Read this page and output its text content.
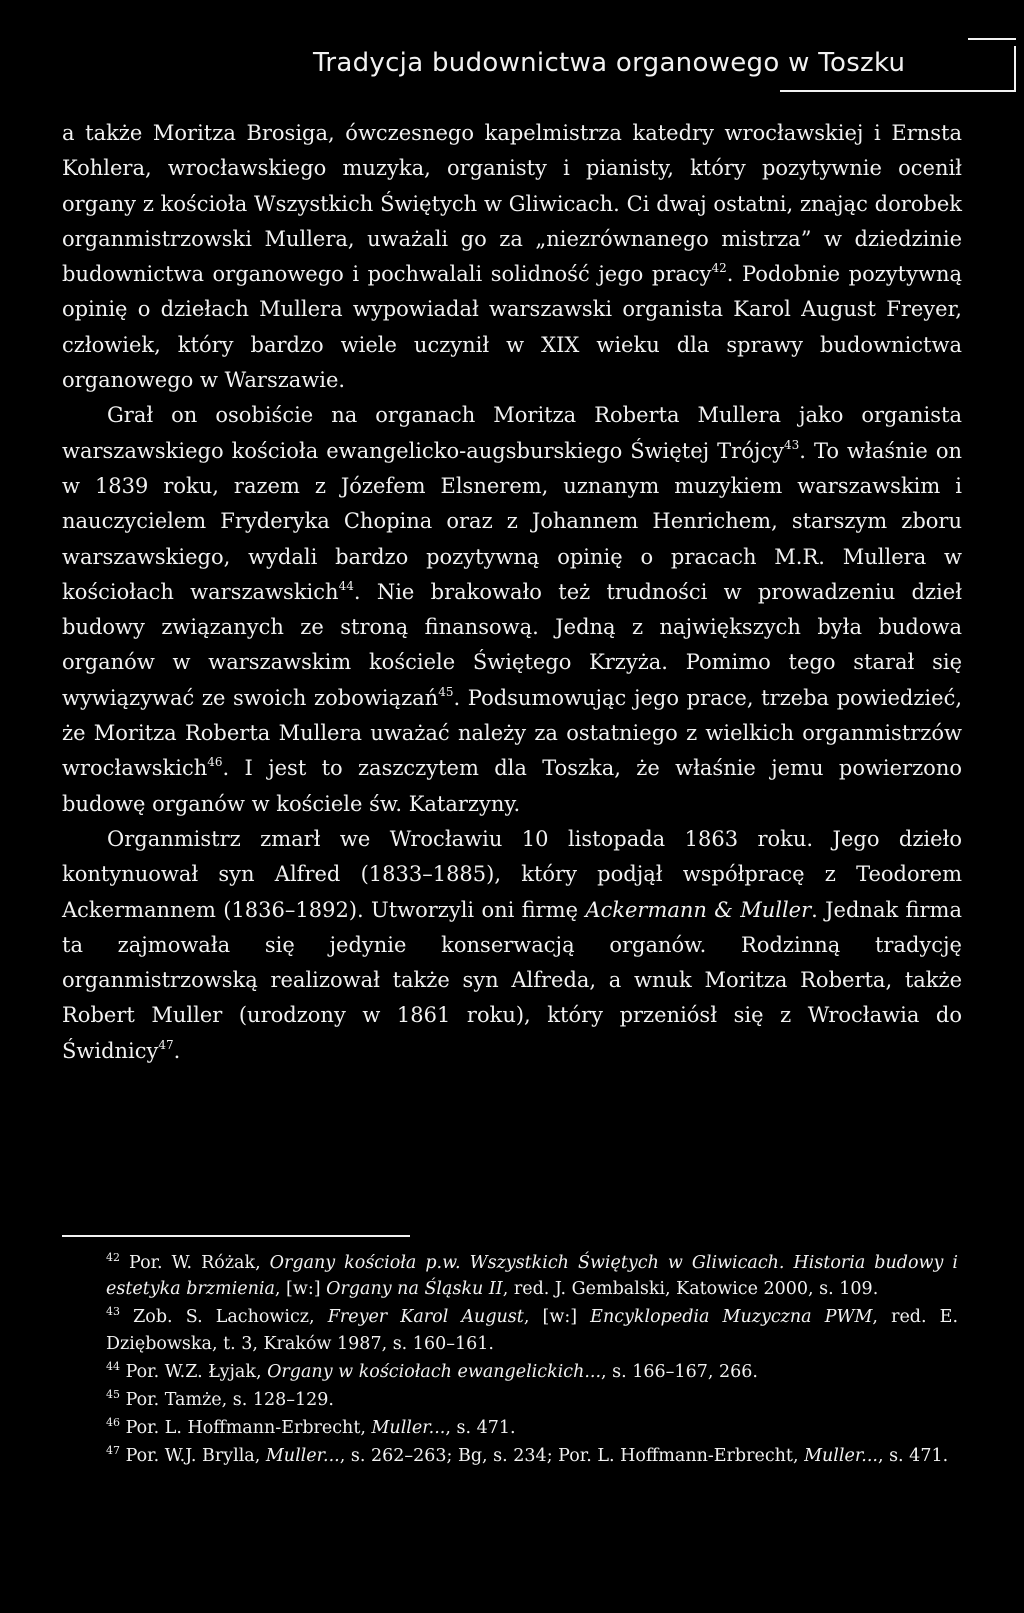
Tradycja budownictwa organowego w Toszku

a także Moritza Brosiga, ówczesnego kapelmistrza katedry wrocławskiej i Ernsta Kohlera, wrocławskiego muzyka, organisty i pianisty, który pozytywnie ocenił organy z kościoła Wszystkich Świętych w Gliwicach. Ci dwaj ostatni, znając dorobek organmistrzowski Mullera, uważali go za „niezrównanego mistrza” w dziedzinie budownictwa organowego i pochwalali solidność jego pracy$^{42}$. Podobnie pozytywną opinię o dziełach Mullera wypowiadał warszawski organista Karol August Freyer, człowiek, który bardzo wiele uczynił w XIX wieku dla sprawy budownictwa organowego w Warszawie.

Grał on osobiście na organach Moritza Roberta Mullera jako organista warszawskiego kościoła ewangelicko-augsburskiego Świętej Trójcy$^{43}$. To właśnie on w 1839 roku, razem z Józefem Elsnerem, uznanym muzykiem warszawskim i nauczycielem Fryderyka Chopina oraz z Johannem Henrichem, starszym zboru warszawskiego, wydali bardzo pozytywną opinię o pracach M.R. Mullera w kościołach warszawskich$^{44}$. Nie brakowało też trudności w prowadzeniu dzieł budowy związanych ze stroną finansową. Jedną z największych była budowa organów w warszawskim kościele Świętego Krzyża. Pomimo tego starał się wywiązywać ze swoich zobowiązań$^{45}$. Podsumowując jego prace, trzeba powiedzieć, że Moritza Roberta Mullera uważać należy za ostatniego z wielkich organmistrzów wrocławskich$^{46}$. I jest to zaszczytem dla Toszka, że właśnie jemu powierzono budowę organów w kościele św. Katarzyny.

Organmistrz zmarł we Wrocławiu 10 listopada 1863 roku. Jego dzieło kontynuował syn Alfred (1833–1885), który podjął współpracę z Teodorem Ackermannem (1836–1892). Utworzyli oni firmę Ackermann & Muller. Jednak firma ta zajmowała się jedynie konserwacją organów. Rodzinną tradycję organmistrzowską realizował także syn Alfreda, a wnuk Moritza Roberta, także Robert Muller (urodzony w 1861 roku), który przeniósł się z Wrocławia do Świdnicy$^{47}$.

$^{42}$ Por. W. Różak, Organy kościoła p.w. Wszystkich Świętych w Gliwicach. Historia budowy i estetyka brzmienia, [w:] Organy na Śląsku II, red. J. Gembalski, Katowice 2000, s. 109.

$^{43}$ Zob. S. Lachowicz, Freyer Karol August, [w:] Encyklopedia Muzyczna PWM, red. E. Dziębowska, t. 3, Kraków 1987, s. 160–161.

$^{44}$ Por. W.Z. Łyjak, Organy w kościołach ewangelickich..., s. 166–167, 266.

$^{45}$ Por. Tamże, s. 128–129.

$^{46}$ Por. L. Hoffmann-Erbrecht, Muller..., s. 471.

$^{47}$ Por. W.J. Brylla, Muller..., s. 262–263; Bg, s. 234; Por. L. Hoffmann-Erbrecht, Muller..., s. 471.
